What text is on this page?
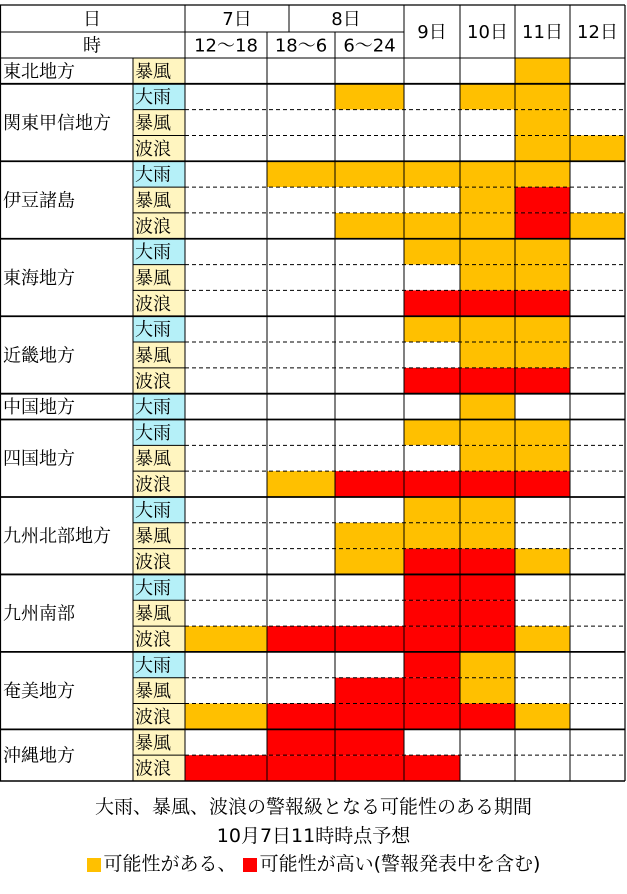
暴風
東北地方
大雨
暴風
波浪
関東甲信地方
大雨
暴風
波浪
伊豆諸島
大雨
暴風
波浪
東海地方
大雨
暴風
波浪
近畿地方
大雨
中国地方
大雨
暴風
波浪
四国地方
大雨
暴風
波浪
九州北部地方
大雨
暴風
波浪
九州南部
大雨
暴風
波浪
奄美地方
暴風
波浪
沖縄地方
日
時
7日	8日
12～18 18～6 6～24
9日 10日 11日 12日
大雨、暴風、波浪の警報級となる可能性のある期間
10月7日11時時点予想
可能性がある、 可能性が高い(警報発表中を含む)
